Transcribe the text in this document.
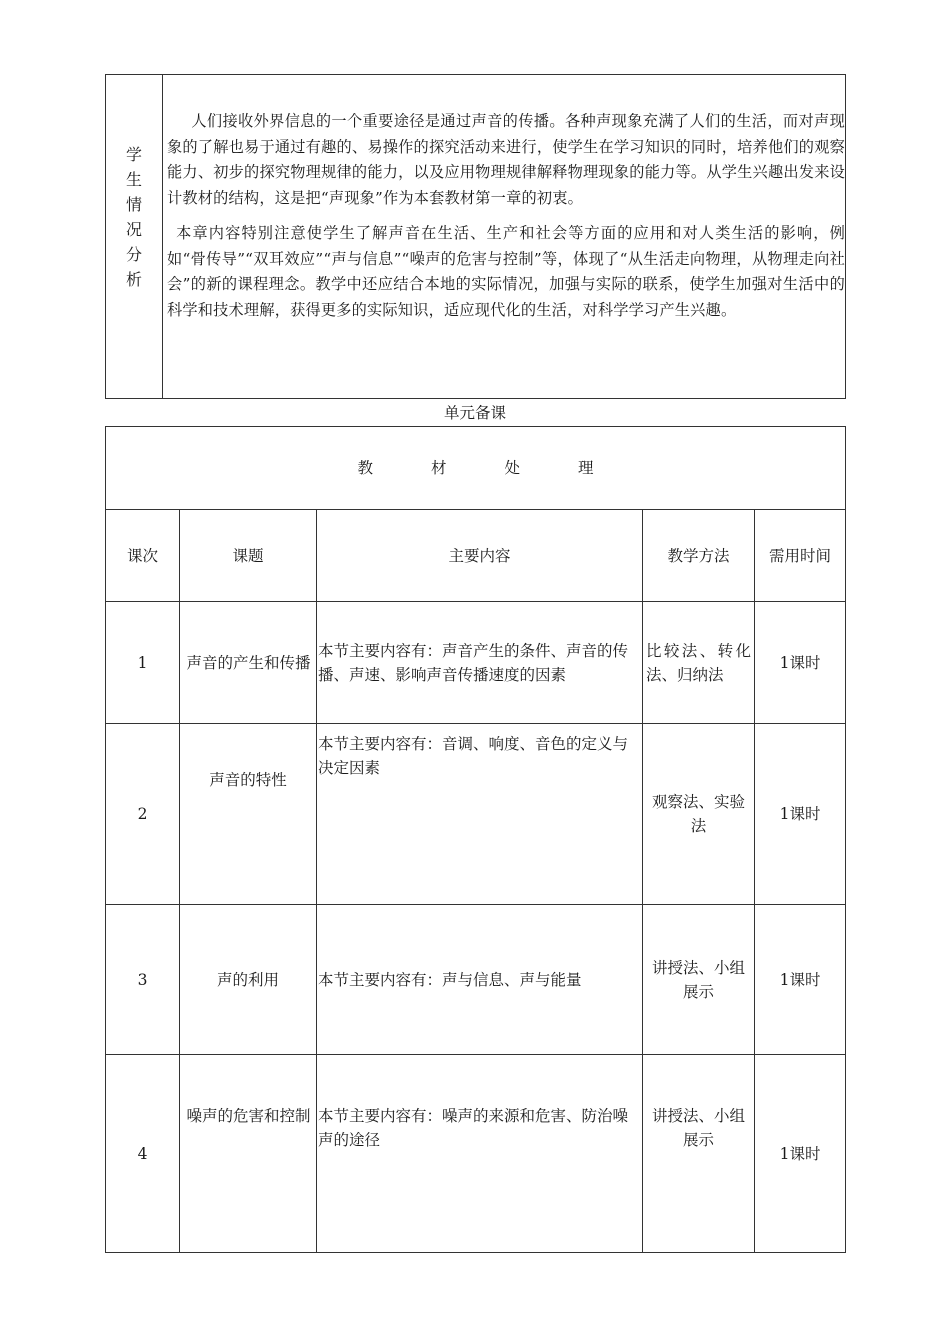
学生情况分析

人们接收外界信息的一个重要途径是通过声音的传播。各种声现象充满了人们的生活，而对声现象的了解也易于通过有趣的、易操作的探究活动来进行，使学生在学习知识的同时，培养他们的观察能力、初步的探究物理规律的能力，以及应用物理规律解释物理现象的能力等。从学生兴趣出发来设计教材的结构，这是把“声现象”作为本套教材第一章的初衷。

本章内容特别注意使学生了解声音在生活、生产和社会等方面的应用和对人类生活的影响，例如“骨传导”“双耳效应”“声与信息”“噪声的危害与控制”等，体现了“从生活走向物理，从物理走向社会”的新的课程理念。教学中还应结合本地的实际情况，加强与实际的联系，使学生加强对生活中的科学和技术理解，获得更多的实际知识，适应现代化的生活，对科学学习产生兴趣。

单元备课
教 材 处 理				
课次	课题	主要内容	教学方法	需用时间
1	声音的产生和传播	本节主要内容有：声音产生的条件、声音的传播、声速、影响声音传播速度的因素	比较法、转化法、归纳法	1课时
2	声音的特性	本节主要内容有：音调、响度、音色的定义与决定因素	观察法、实验法	1课时
3	声的利用	本节主要内容有：声与信息、声与能量	讲授法、小组展示	1课时
4	噪声的危害和控制	本节主要内容有：噪声的来源和危害、防治噪声的途径	讲授法、小组展示	1课时
